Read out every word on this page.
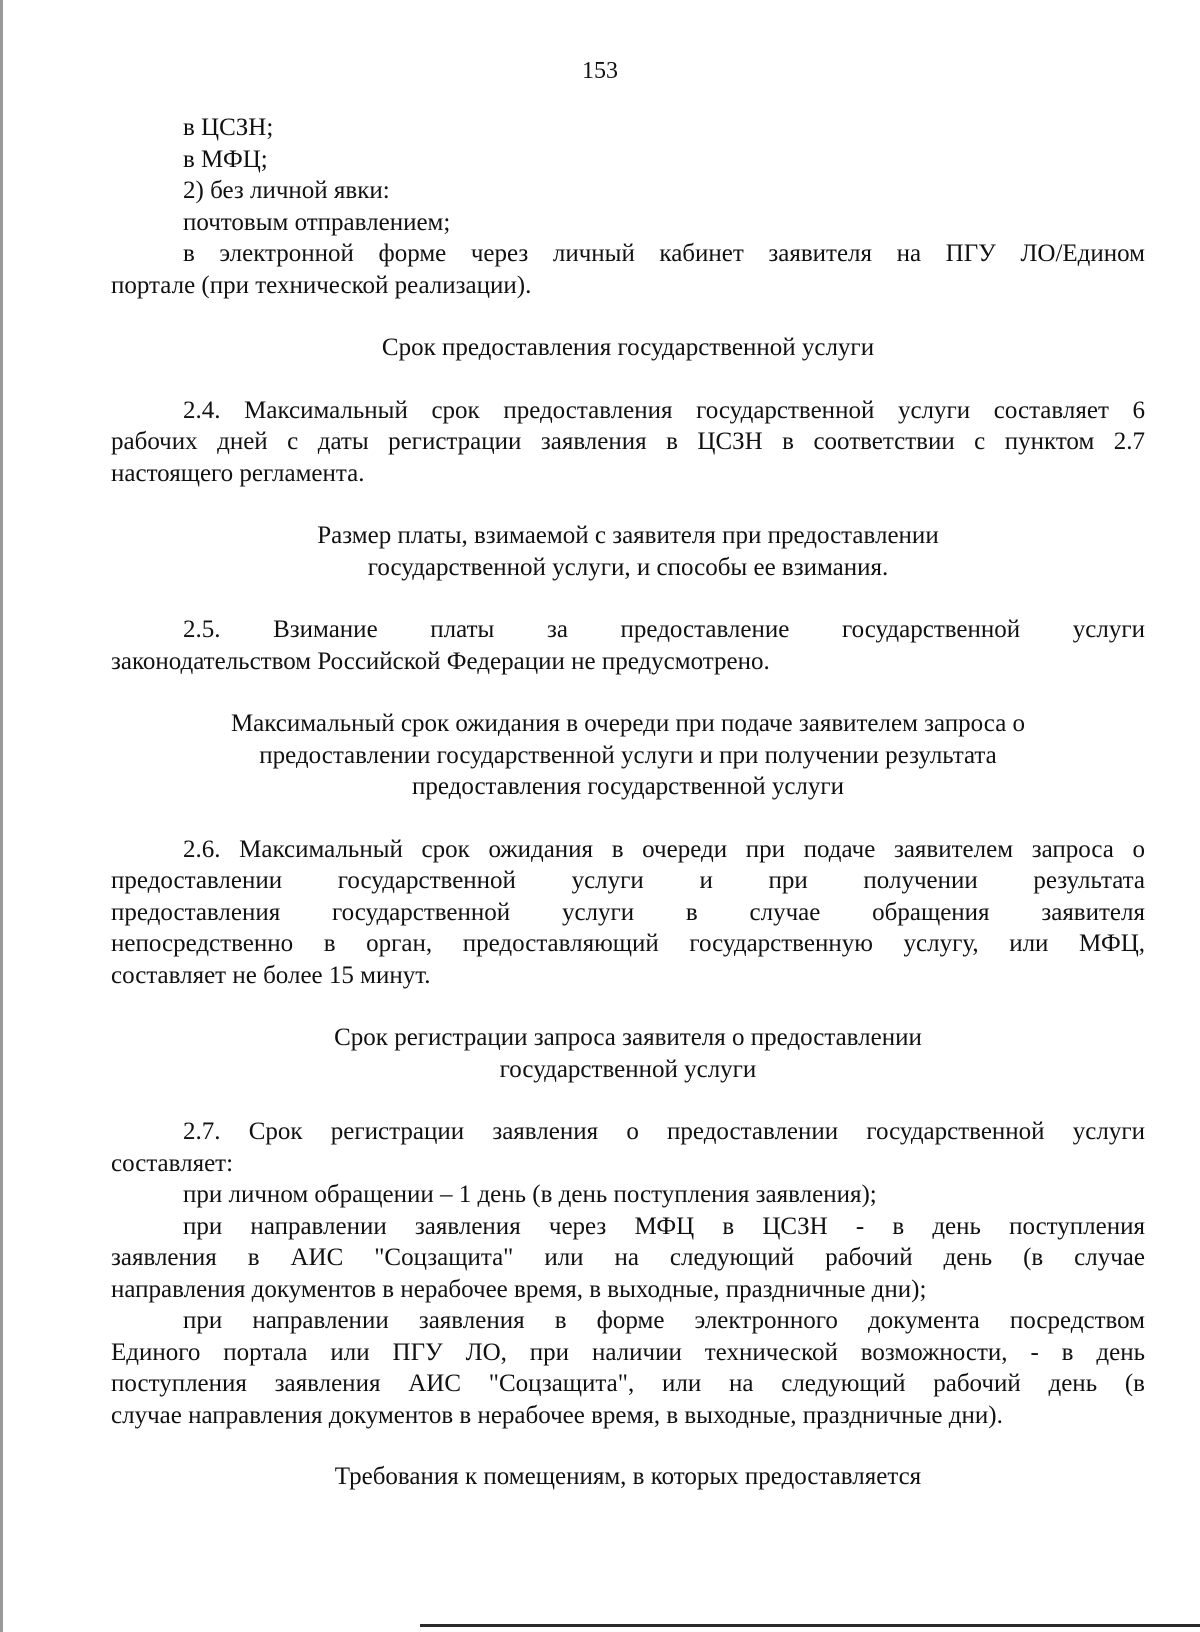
153
в ЦСЗН;
в МФЦ;
2) без личной явки:
почтовым отправлением;
в электронной форме через личный кабинет заявителя на ПГУ ЛО/Едином
портале (при технической реализации).
Срок предоставления государственной услуги
2.4. Максимальный срок предоставления государственной услуги составляет 6
рабочих дней с даты регистрации заявления в ЦСЗН в соответствии с пунктом 2.7
настоящего регламента.
Размер платы, взимаемой с заявителя при предоставлении
государственной услуги, и способы ее взимания.
2.5. Взимание платы за предоставление государственной услуги
законодательством Российской Федерации не предусмотрено.
Максимальный срок ожидания в очереди при подаче заявителем запроса о
предоставлении государственной услуги и при получении результата
предоставления государственной услуги
2.6. Максимальный срок ожидания в очереди при подаче заявителем запроса о
предоставлении государственной услуги и при получении результата
предоставления государственной услуги в случае обращения заявителя
непосредственно в орган, предоставляющий государственную услугу, или МФЦ,
составляет не более 15 минут.
Срок регистрации запроса заявителя о предоставлении
государственной услуги
2.7. Срок регистрации заявления о предоставлении государственной услуги
составляет:
при личном обращении – 1 день (в день поступления заявления);
при направлении заявления через МФЦ в ЦСЗН - в день поступления
заявления в АИС "Соцзащита" или на следующий рабочий день (в случае
направления документов в нерабочее время, в выходные, праздничные дни);
при направлении заявления в форме электронного документа посредством
Единого портала или ПГУ ЛО, при наличии технической возможности, - в день
поступления заявления АИС "Соцзащита", или на следующий рабочий день (в
случае направления документов в нерабочее время, в выходные, праздничные дни).
Требования к помещениям, в которых предоставляется
